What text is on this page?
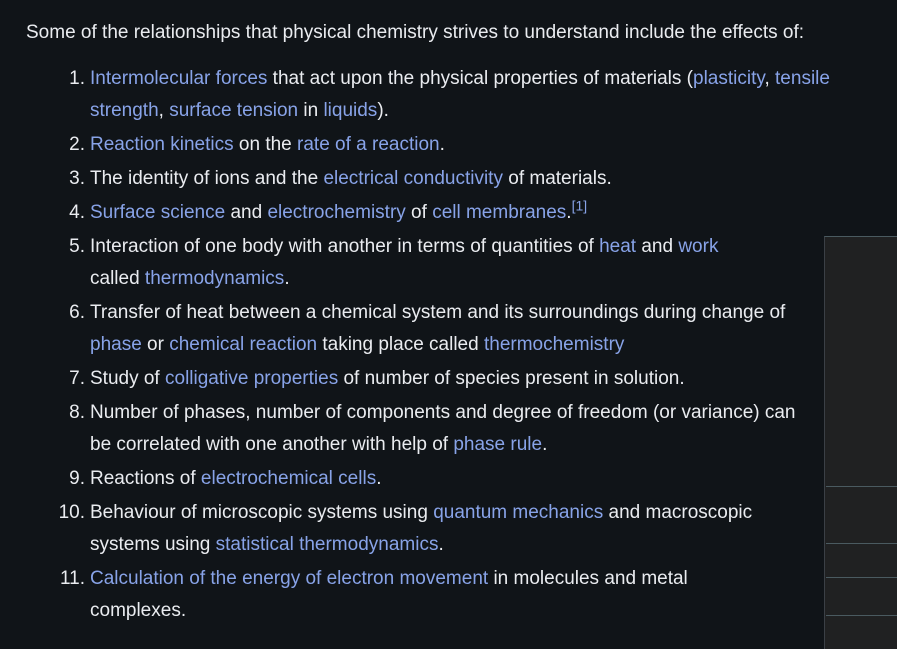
Some of the relationships that physical chemistry strives to understand include the effects of:

1. Intermolecular forces that act upon the physical properties of materials (plasticity, tensile strength, surface tension in liquids).
2. Reaction kinetics on the rate of a reaction.
3. The identity of ions and the electrical conductivity of materials.
4. Surface science and electrochemistry of cell membranes.[1]
5. Interaction of one body with another in terms of quantities of heat and work called thermodynamics.
6. Transfer of heat between a chemical system and its surroundings during change of phase or chemical reaction taking place called thermochemistry
7. Study of colligative properties of number of species present in solution.
8. Number of phases, number of components and degree of freedom (or variance) can be correlated with one another with help of phase rule.
9. Reactions of electrochemical cells.
10. Behaviour of microscopic systems using quantum mechanics and macroscopic systems using statistical thermodynamics.
11. Calculation of the energy of electron movement in molecules and metal complexes.
